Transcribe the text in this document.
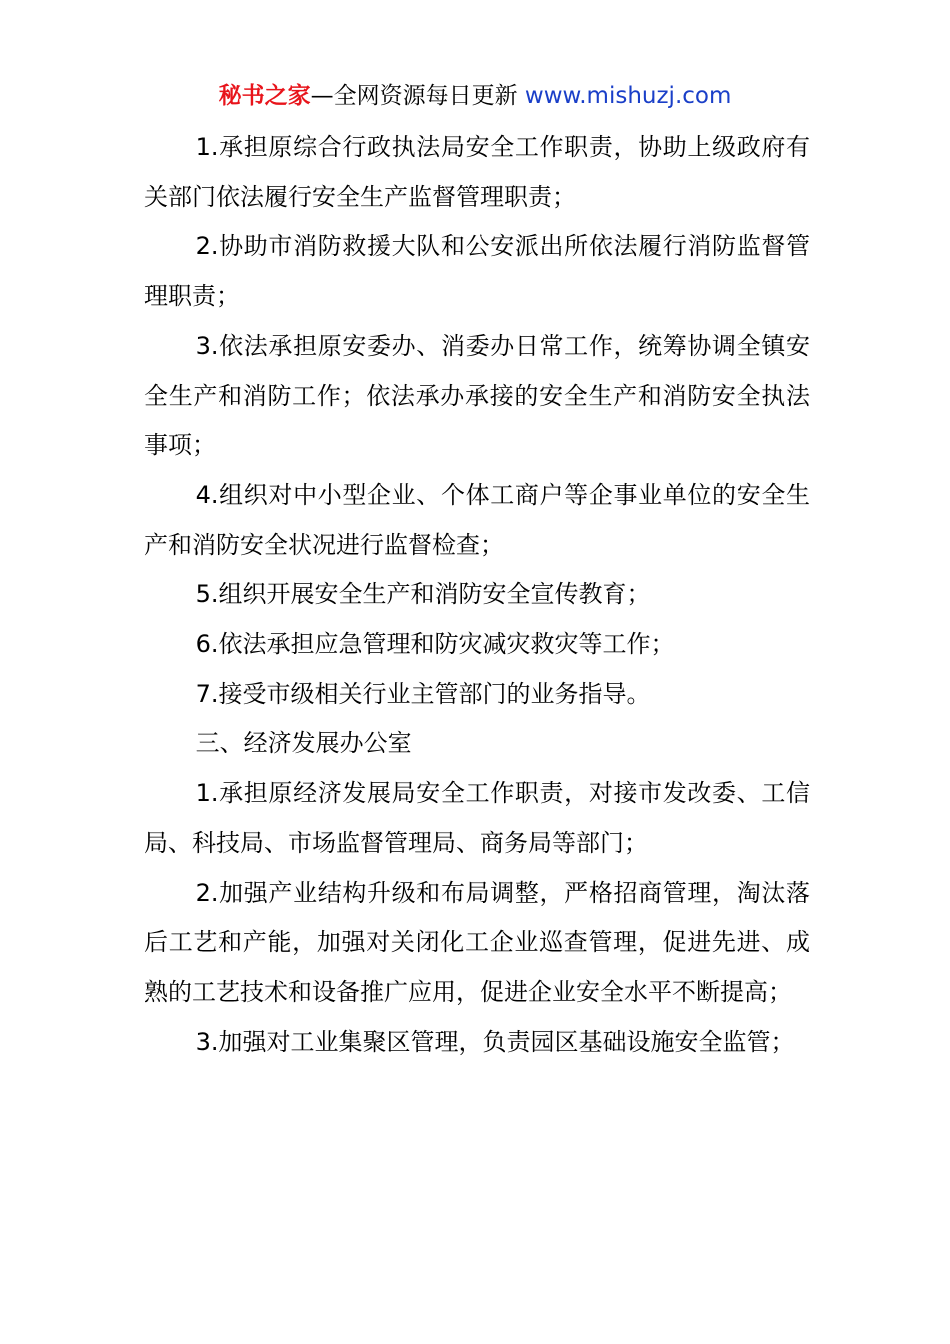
秘书之家—全网资源每日更新 www.mishuzj.com

1.承担原综合行政执法局安全工作职责，协助上级政府有关部门依法履行安全生产监督管理职责；

2.协助市消防救援大队和公安派出所依法履行消防监督管理职责；

3.依法承担原安委办、消委办日常工作，统筹协调全镇安全生产和消防工作；依法承办承接的安全生产和消防安全执法事项；

4.组织对中小型企业、个体工商户等企事业单位的安全生产和消防安全状况进行监督检查；

5.组织开展安全生产和消防安全宣传教育；

6.依法承担应急管理和防灾减灾救灾等工作；

7.接受市级相关行业主管部门的业务指导。

三、经济发展办公室

1.承担原经济发展局安全工作职责，对接市发改委、工信局、科技局、市场监督管理局、商务局等部门；

2.加强产业结构升级和布局调整，严格招商管理，淘汰落后工艺和产能，加强对关闭化工企业巡查管理，促进先进、成熟的工艺技术和设备推广应用，促进企业安全水平不断提高；

3.加强对工业集聚区管理，负责园区基础设施安全监管；
